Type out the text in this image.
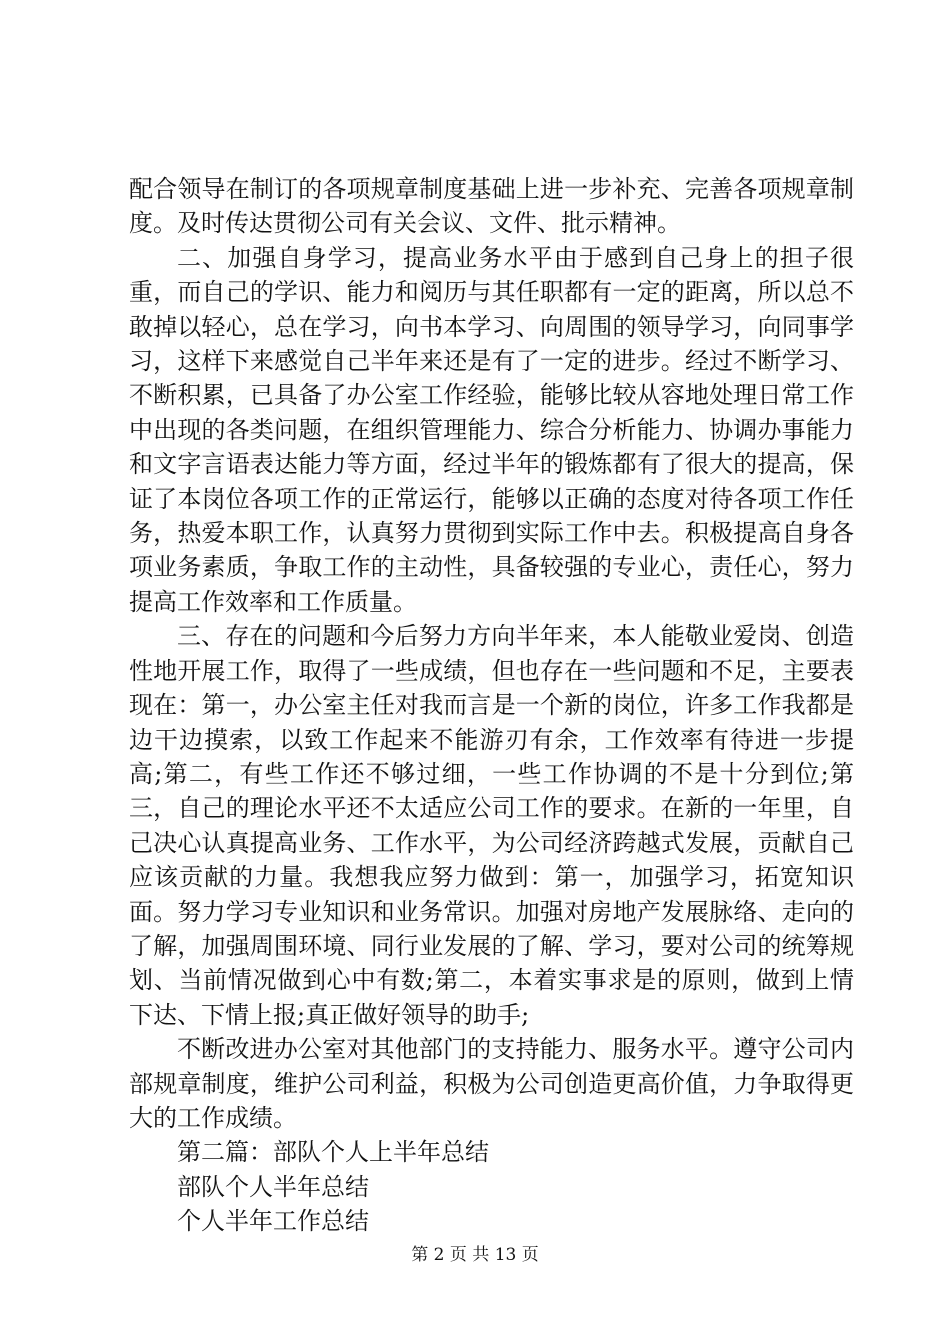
配合领导在制订的各项规章制度基础上进一步补充、完善各项规章制度。及时传达贯彻公司有关会议、文件、批示精神。

二、加强自身学习，提高业务水平由于感到自己身上的担子很重，而自己的学识、能力和阅历与其任职都有一定的距离，所以总不敢掉以轻心，总在学习，向书本学习、向周围的领导学习，向同事学习，这样下来感觉自己半年来还是有了一定的进步。经过不断学习、不断积累，已具备了办公室工作经验，能够比较从容地处理日常工作中出现的各类问题，在组织管理能力、综合分析能力、协调办事能力和文字言语表达能力等方面，经过半年的锻炼都有了很大的提高，保证了本岗位各项工作的正常运行，能够以正确的态度对待各项工作任务，热爱本职工作，认真努力贯彻到实际工作中去。积极提高自身各项业务素质，争取工作的主动性，具备较强的专业心，责任心，努力提高工作效率和工作质量。

三、存在的问题和今后努力方向半年来，本人能敬业爱岗、创造性地开展工作，取得了一些成绩，但也存在一些问题和不足，主要表现在：第一，办公室主任对我而言是一个新的岗位，许多工作我都是边干边摸索，以致工作起来不能游刃有余，工作效率有待进一步提高;第二，有些工作还不够过细，一些工作协调的不是十分到位;第三，自己的理论水平还不太适应公司工作的要求。在新的一年里，自己决心认真提高业务、工作水平，为公司经济跨越式发展，贡献自己应该贡献的力量。我想我应努力做到：第一，加强学习，拓宽知识面。努力学习专业知识和业务常识。加强对房地产发展脉络、走向的了解，加强周围环境、同行业发展的了解、学习，要对公司的统筹规划、当前情况做到心中有数;第二，本着实事求是的原则，做到上情下达、下情上报;真正做好领导的助手;

不断改进办公室对其他部门的支持能力、服务水平。遵守公司内部规章制度，维护公司利益，积极为公司创造更高价值，力争取得更大的工作成绩。

第二篇：部队个人上半年总结

部队个人半年总结

个人半年工作总结

第 2 页 共 13 页
